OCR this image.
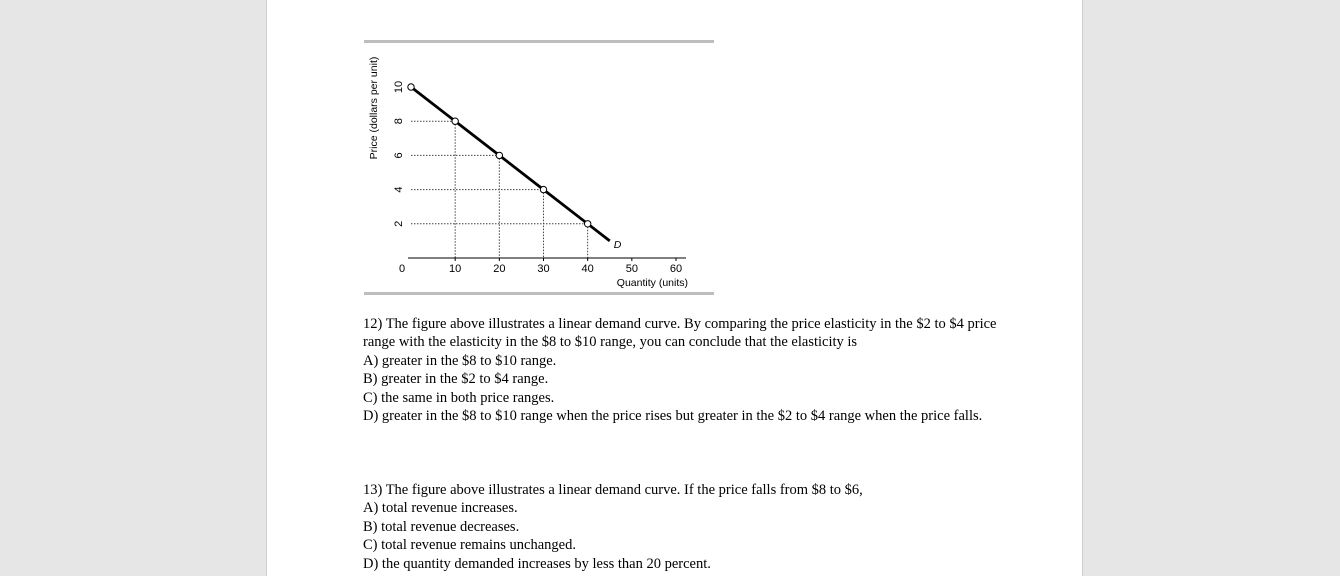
0	10	20	30	40	50	60
2
4
6
8
10
Quantity (units)
Price (dollars per unit)
D

12) The figure above illustrates a linear demand curve. By comparing the price elasticity in the $2 to $4 price range with the elasticity in the $8 to $10 range, you can conclude that the elasticity is

A) greater in the $8 to $10 range.

B) greater in the $2 to $4 range.

C) the same in both price ranges.

D) greater in the $8 to $10 range when the price rises but greater in the $2 to $4 range when the price falls.

13) The figure above illustrates a linear demand curve. If the price falls from $8 to $6,

A) total revenue increases.

B) total revenue decreases.

C) total revenue remains unchanged.

D) the quantity demanded increases by less than 20 percent.
